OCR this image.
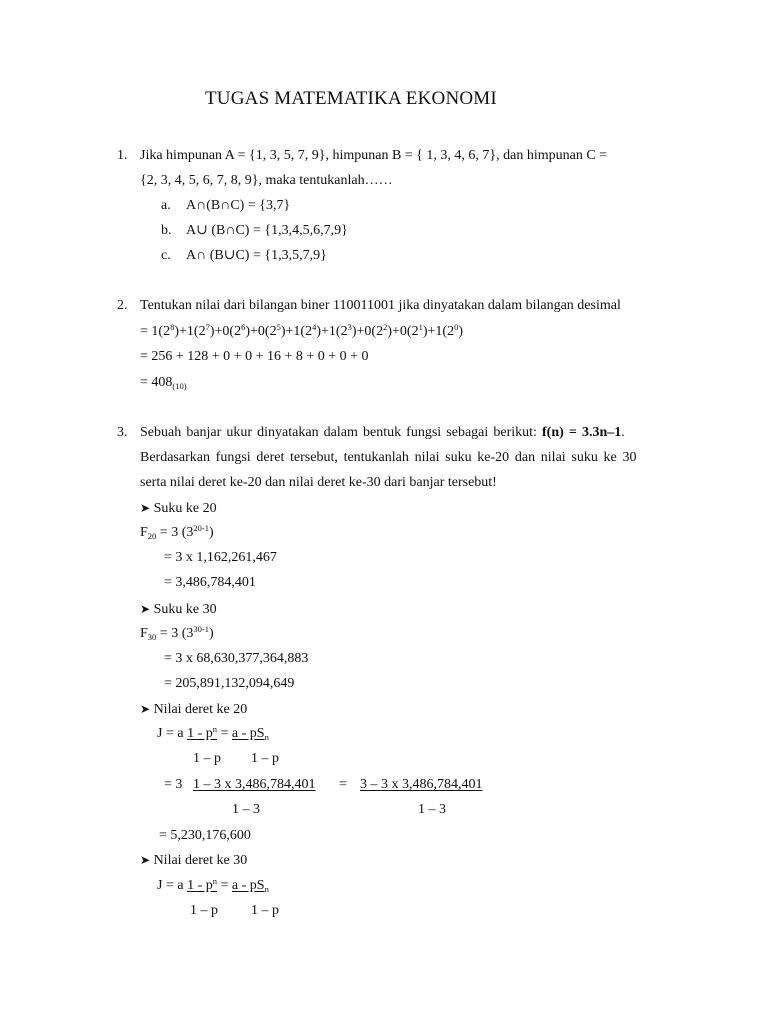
TUGAS MATEMATIKA EKONOMI
1. Jika himpunan A = {1, 3, 5, 7, 9}, himpunan B = { 1, 3, 4, 6, 7}, dan himpunan C =
{2, 3, 4, 5, 6, 7, 8, 9}, maka tentukanlah……
a. A∩(B∩C) = {3,7}
b. A∪ (B∩C) = {1,3,4,5,6,7,9}
c. A∩ (B∪C) = {1,3,5,7,9}
2. Tentukan nilai dari bilangan biner 110011001 jika dinyatakan dalam bilangan desimal
= $1(2^8)+1(2^7)+0(2^6)+0(2^5)+1(2^4)+1(2^3)+0(2^2)+0(2^1)+1(2^0)$
= 256 + 128 + 0 + 0 + 16 + 8 + 0 + 0 + 0
= $408_{(10)}$
3. Sebuah banjar ukur dinyatakan dalam bentuk fungsi sebagai berikut: f(n) = 3.3n–1.
Berdasarkan fungsi deret tersebut, tentukanlah nilai suku ke-20 dan nilai suku ke 30
serta nilai deret ke-20 dan nilai deret ke-30 dari banjar tersebut!
➤ Suku ke 20
$F_{20} = 3$ $(3^{20-1})$
= 3 x 1,162,261,467
= 3,486,784,401
➤ Suku ke 30
$F_{30} = 3$ $(3^{30-1})$
= 3 x 68,630,377,364,883
= 205,891,132,094,649
➤ Nilai deret ke 20
J = a $1 - p^n = a - pS_n$
1 – p 1 – p
= 3 1 – 3 x 3,486,784,401 = 3 – 3 x 3,486,784,401
1 – 3	1 – 3
= 5,230,176,600
➤ Nilai deret ke 30
J = a $1 - p^n = a - pS_n$
1 – p 1 – p
